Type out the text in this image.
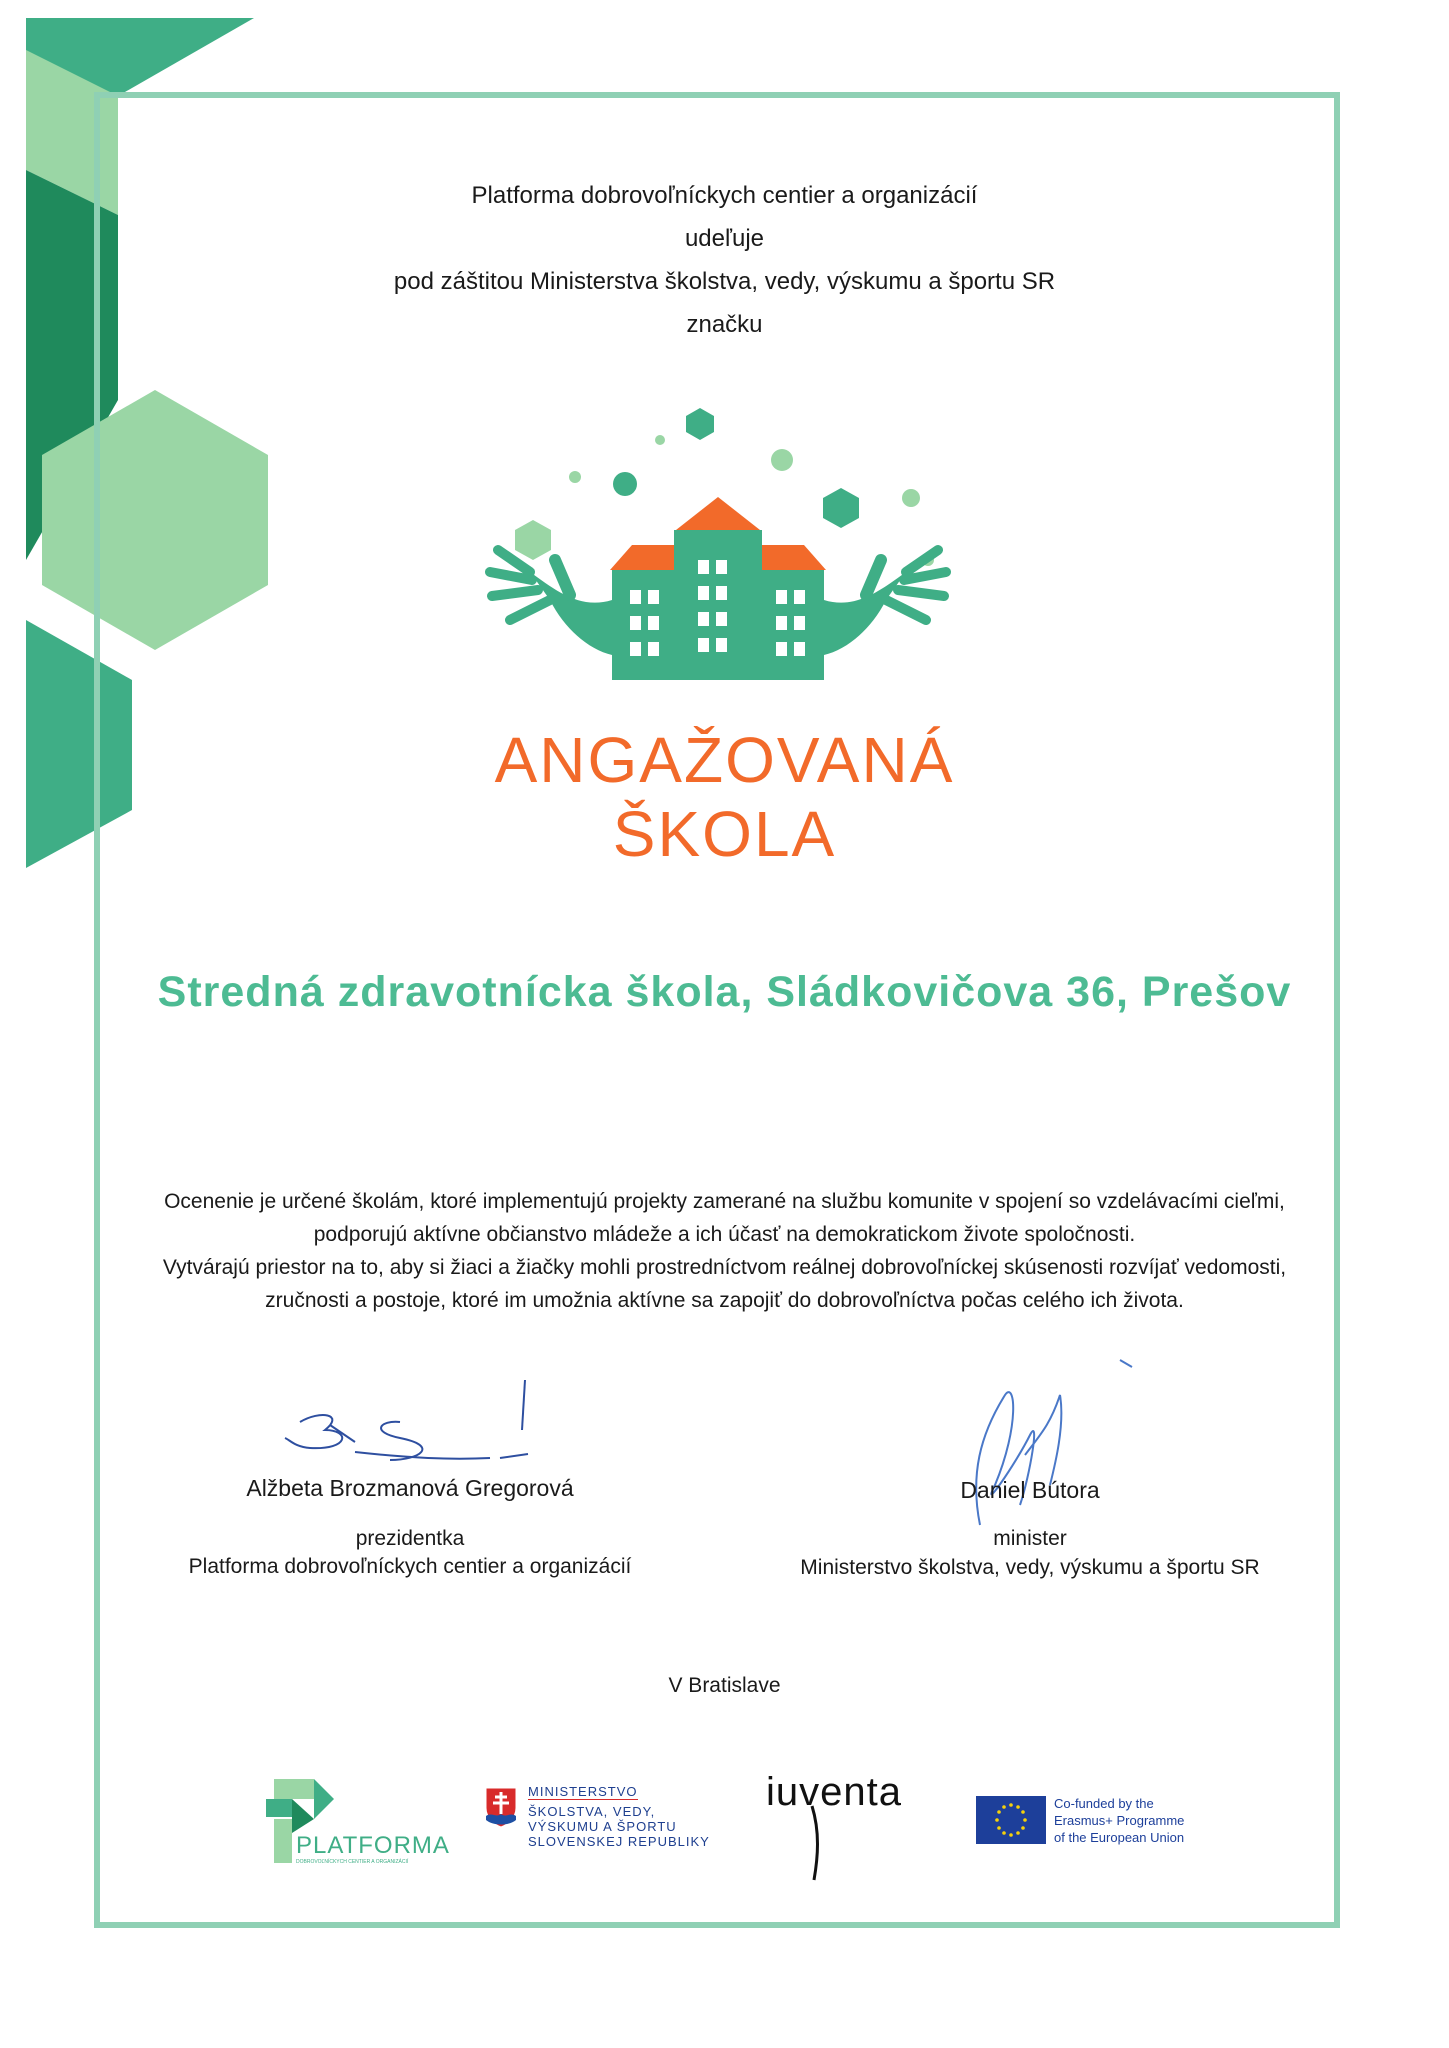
Platforma dobrovoľníckych centier a organizácií
udeľuje
pod záštitou Ministerstva školstva, vedy, výskumu a športu SR
značku
ANGAŽOVANÁ
ŠKOLA
Stredná zdravotnícka škola, Sládkovičova 36, Prešov
Ocenenie je určené školám, ktoré implementujú projekty zamerané na službu komunite v spojení so vzdelávacími cieľmi,
podporujú aktívne občianstvo mládeže a ich účasť na demokratickom živote spoločnosti.
Vytvárajú priestor na to, aby si žiaci a žiačky mohli prostredníctvom reálnej dobrovoľníckej skúsenosti rozvíjať vedomosti,
zručnosti a postoje, ktoré im umožnia aktívne sa zapojiť do dobrovoľníctva počas celého ich života.
Alžbeta Brozmanová Gregorová
prezidentka
Platforma dobrovoľníckych centier a organizácií
Daniel Bútora
minister
Ministerstvo školstva, vedy, výskumu a športu SR
V Bratislave
PLATFORMA
DOBROVOĽNÍCKYCH CENTIER A ORGANIZÁCIÍ
MINISTERSTVO
ŠKOLSTVA, VEDY,
VÝSKUMU A ŠPORTU
SLOVENSKEJ REPUBLIKY
iuventa	Co-funded by the
Erasmus+ Programme
of the European Union
